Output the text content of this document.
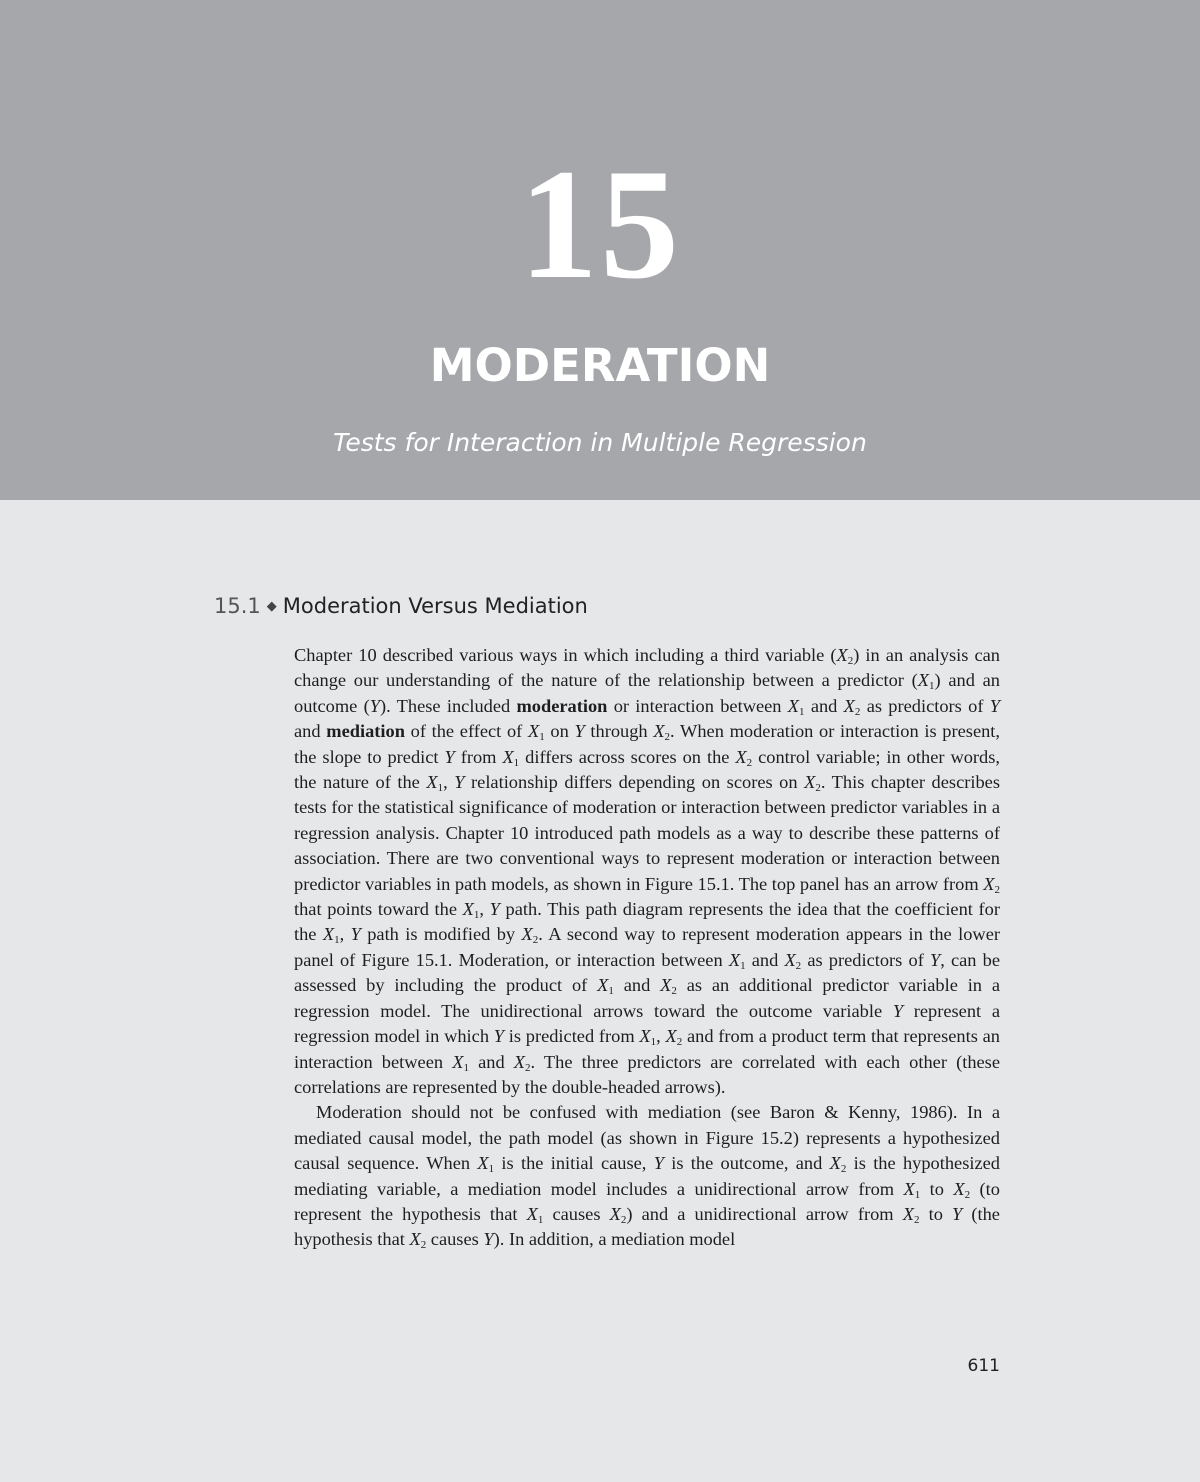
15
MODERATION
Tests for Interaction in Multiple Regression
15.1 ◆ Moderation Versus Mediation

Chapter 10 described various ways in which including a third variable $(X_2)$ in an analysis can change our understanding of the nature of the relationship between a predictor $(X_1)$ and an outcome (Y). These included moderation or interaction between $X_1$ and $X_2$ as predictors of Y and mediation of the effect of $X_1$ on Y through $X_2$. When moderation or interaction is present, the slope to predict Y from $X_1$ differs across scores on the $X_2$ control variable; in other words, the nature of the $X_1$, Y relationship differs depending on scores on $X_2$. This chapter describes tests for the statistical significance of moderation or interaction between predictor variables in a regression analysis. Chapter 10 introduced path models as a way to describe these patterns of association. There are two conventional ways to represent moderation or interaction between predictor variables in path models, as shown in Figure 15.1. The top panel has an arrow from $X_2$ that points toward the $X_1$, Y path. This path diagram represents the idea that the coefficient for the $X_1$, Y path is modified by $X_2$. A second way to represent moderation appears in the lower panel of Figure 15.1. Moderation, or interaction between $X_1$ and $X_2$ as predictors of Y, can be assessed by including the product of $X_1$ and $X_2$ as an additional predictor variable in a regression model. The unidirectional arrows toward the outcome variable Y represent a regression model in which Y is predicted from $X_1$, $X_2$ and from a product term that represents an interaction between $X_1$ and $X_2$. The three predictors are correlated with each other (these correlations are represented by the double-headed arrows).

Moderation should not be confused with mediation (see Baron & Kenny, 1986). In a mediated causal model, the path model (as shown in Figure 15.2) represents a hypothesized causal sequence. When $X_1$ is the initial cause, Y is the outcome, and $X_2$ is the hypothesized mediating variable, a mediation model includes a unidirectional arrow from $X_1$ to $X_2$ (to represent the hypothesis that $X_1$ causes $X_2$) and a unidirectional arrow from $X_2$ to Y (the hypothesis that $X_2$ causes Y). In addition, a mediation model

611
